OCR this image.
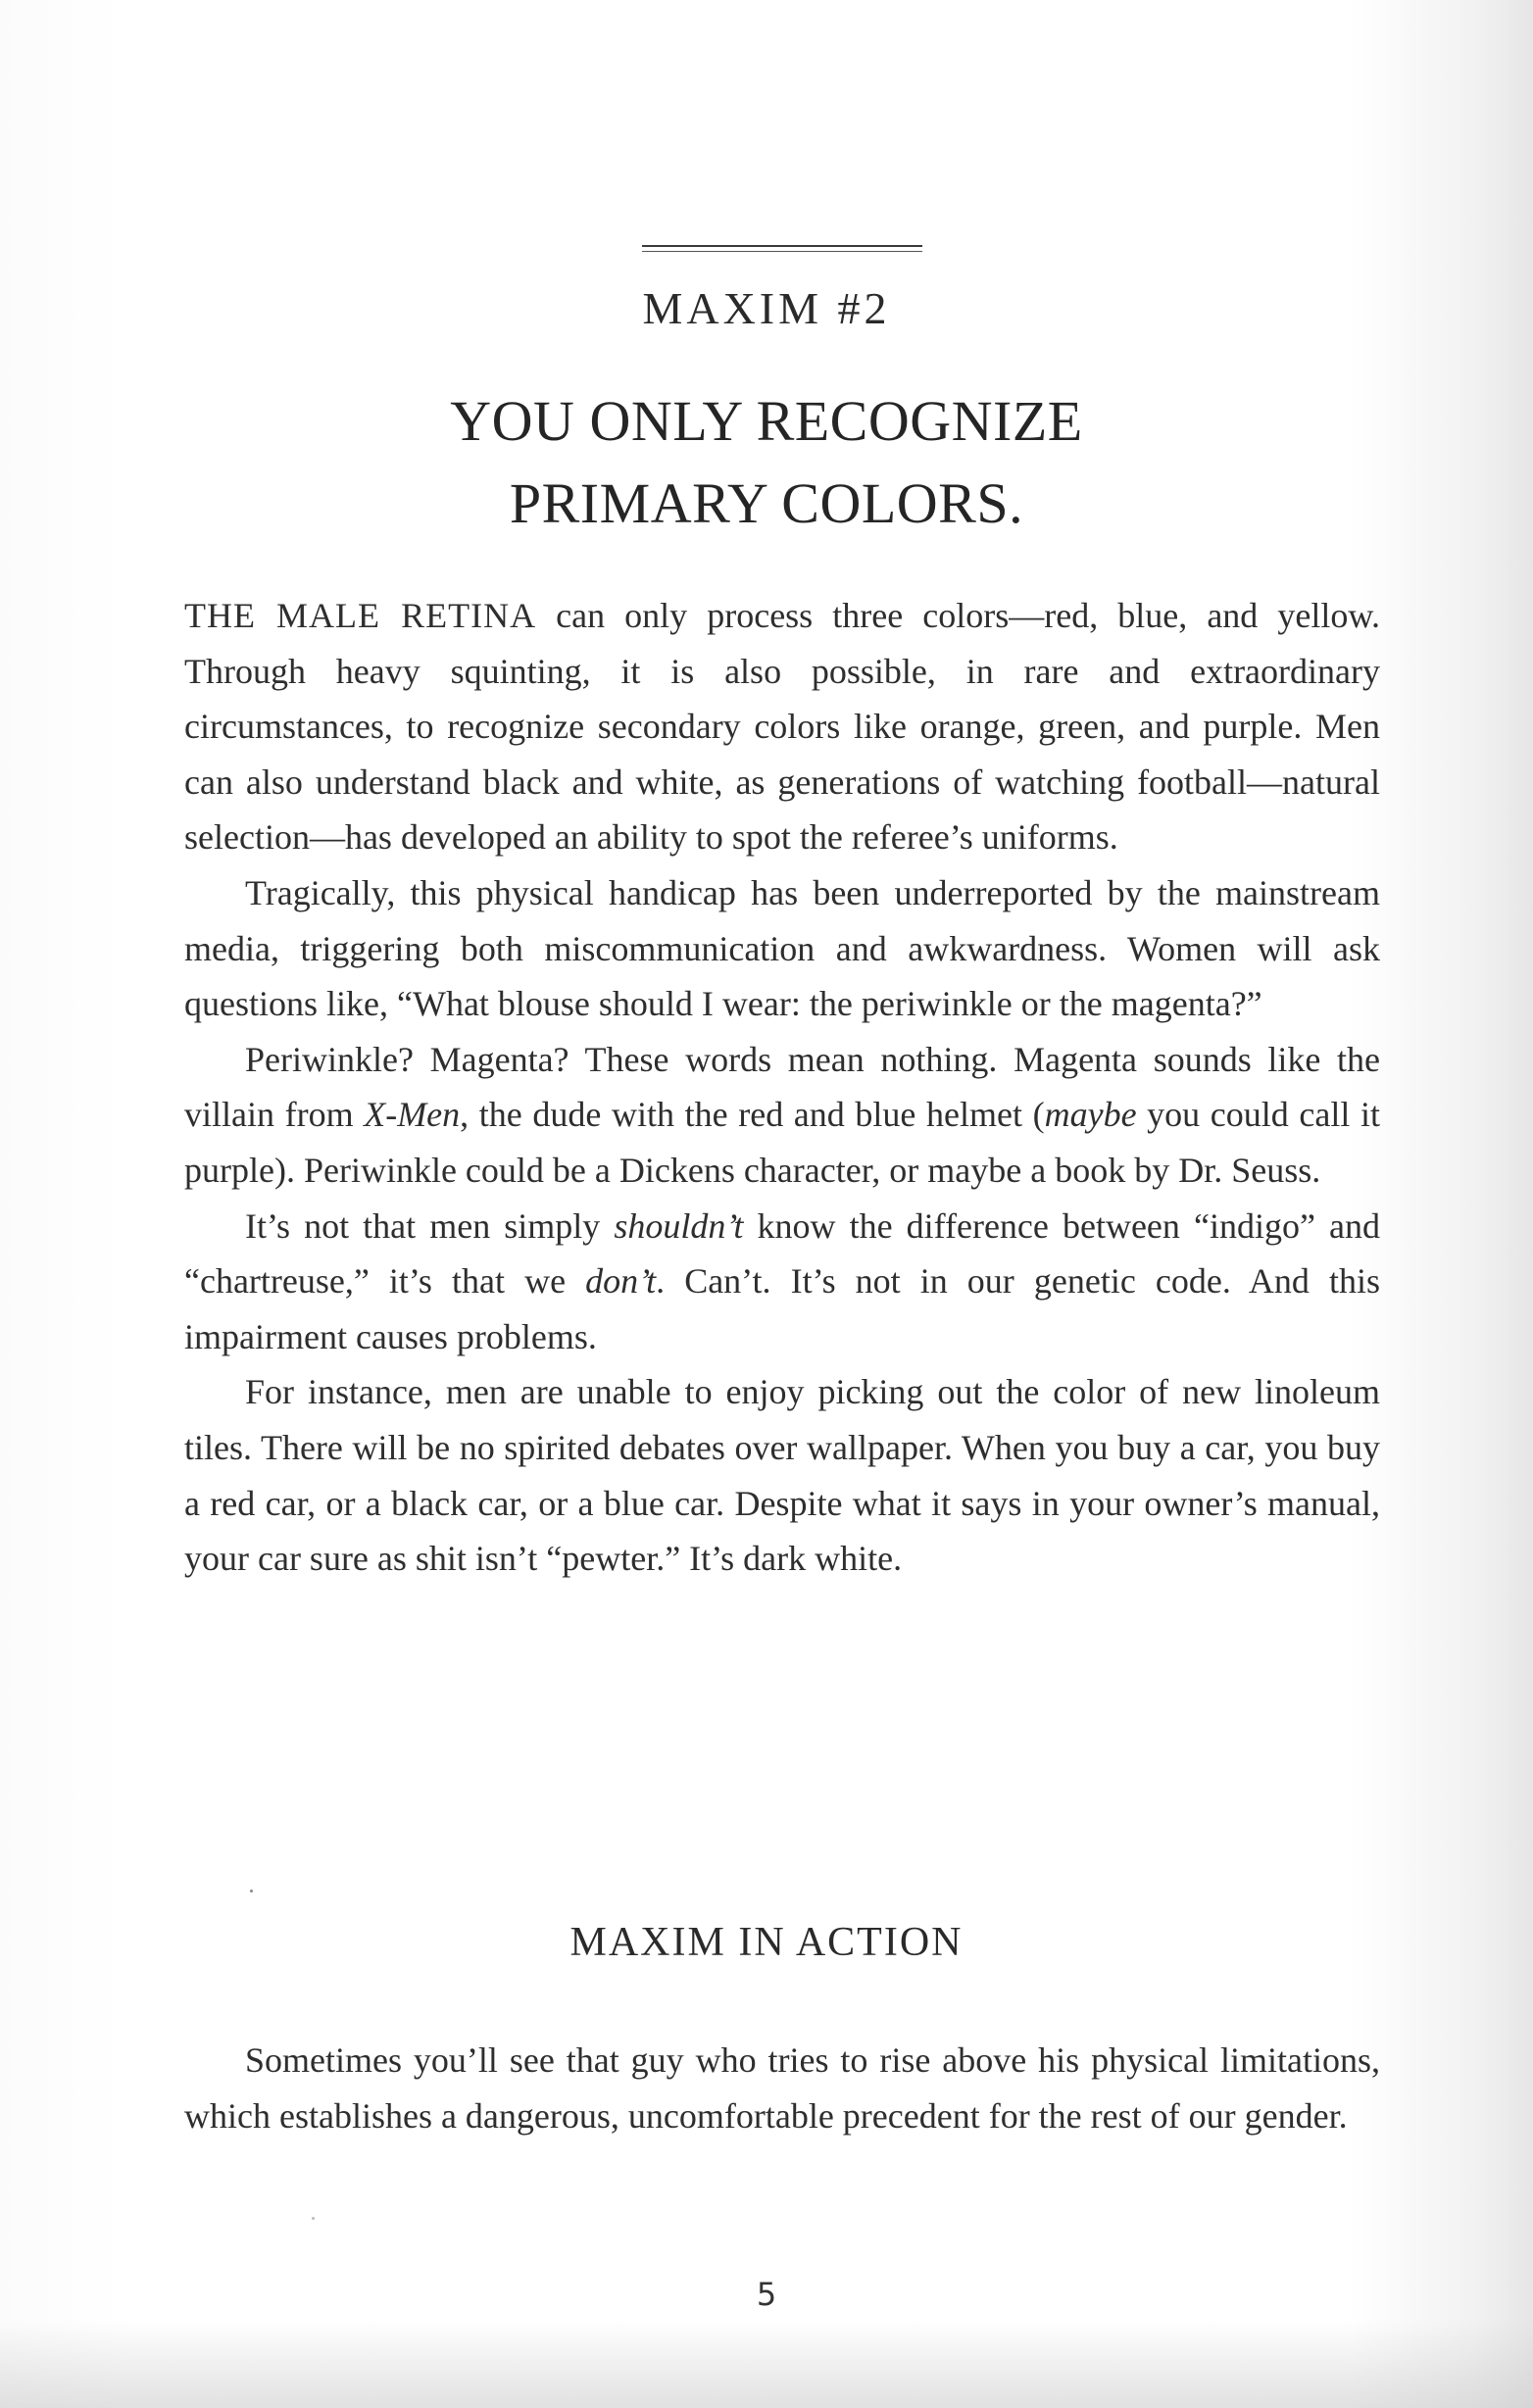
MAXIM #2
YOU ONLY RECOGNIZE
PRIMARY COLORS.

THE MALE RETINA can only process three colors—red, blue, and yellow. Through heavy squinting, it is also possible, in rare and extraordinary circumstances, to recognize secondary colors like orange, green, and purple. Men can also understand black and white, as generations of watching football—natural selection—has developed an ability to spot the referee’s uniforms.

Tragically, this physical handicap has been underreported by the mainstream media, triggering both miscommunication and awkwardness. Women will ask questions like, “What blouse should I wear: the periwinkle or the magenta?”

Periwinkle? Magenta? These words mean nothing. Magenta sounds like the villain from X-Men, the dude with the red and blue helmet (maybe you could call it purple). Periwinkle could be a Dickens character, or maybe a book by Dr. Seuss.

It’s not that men simply shouldn’t know the difference between “indigo” and “chartreuse,” it’s that we don’t. Can’t. It’s not in our genetic code. And this impairment causes problems.

For instance, men are unable to enjoy picking out the color of new linoleum tiles. There will be no spirited debates over wallpaper. When you buy a car, you buy a red car, or a black car, or a blue car. Despite what it says in your owner’s manual, your car sure as shit isn’t “pewter.” It’s dark white.

MAXIM IN ACTION

Sometimes you’ll see that guy who tries to rise above his physical limitations, which establishes a dangerous, uncomfortable precedent for the rest of our gender.

5
